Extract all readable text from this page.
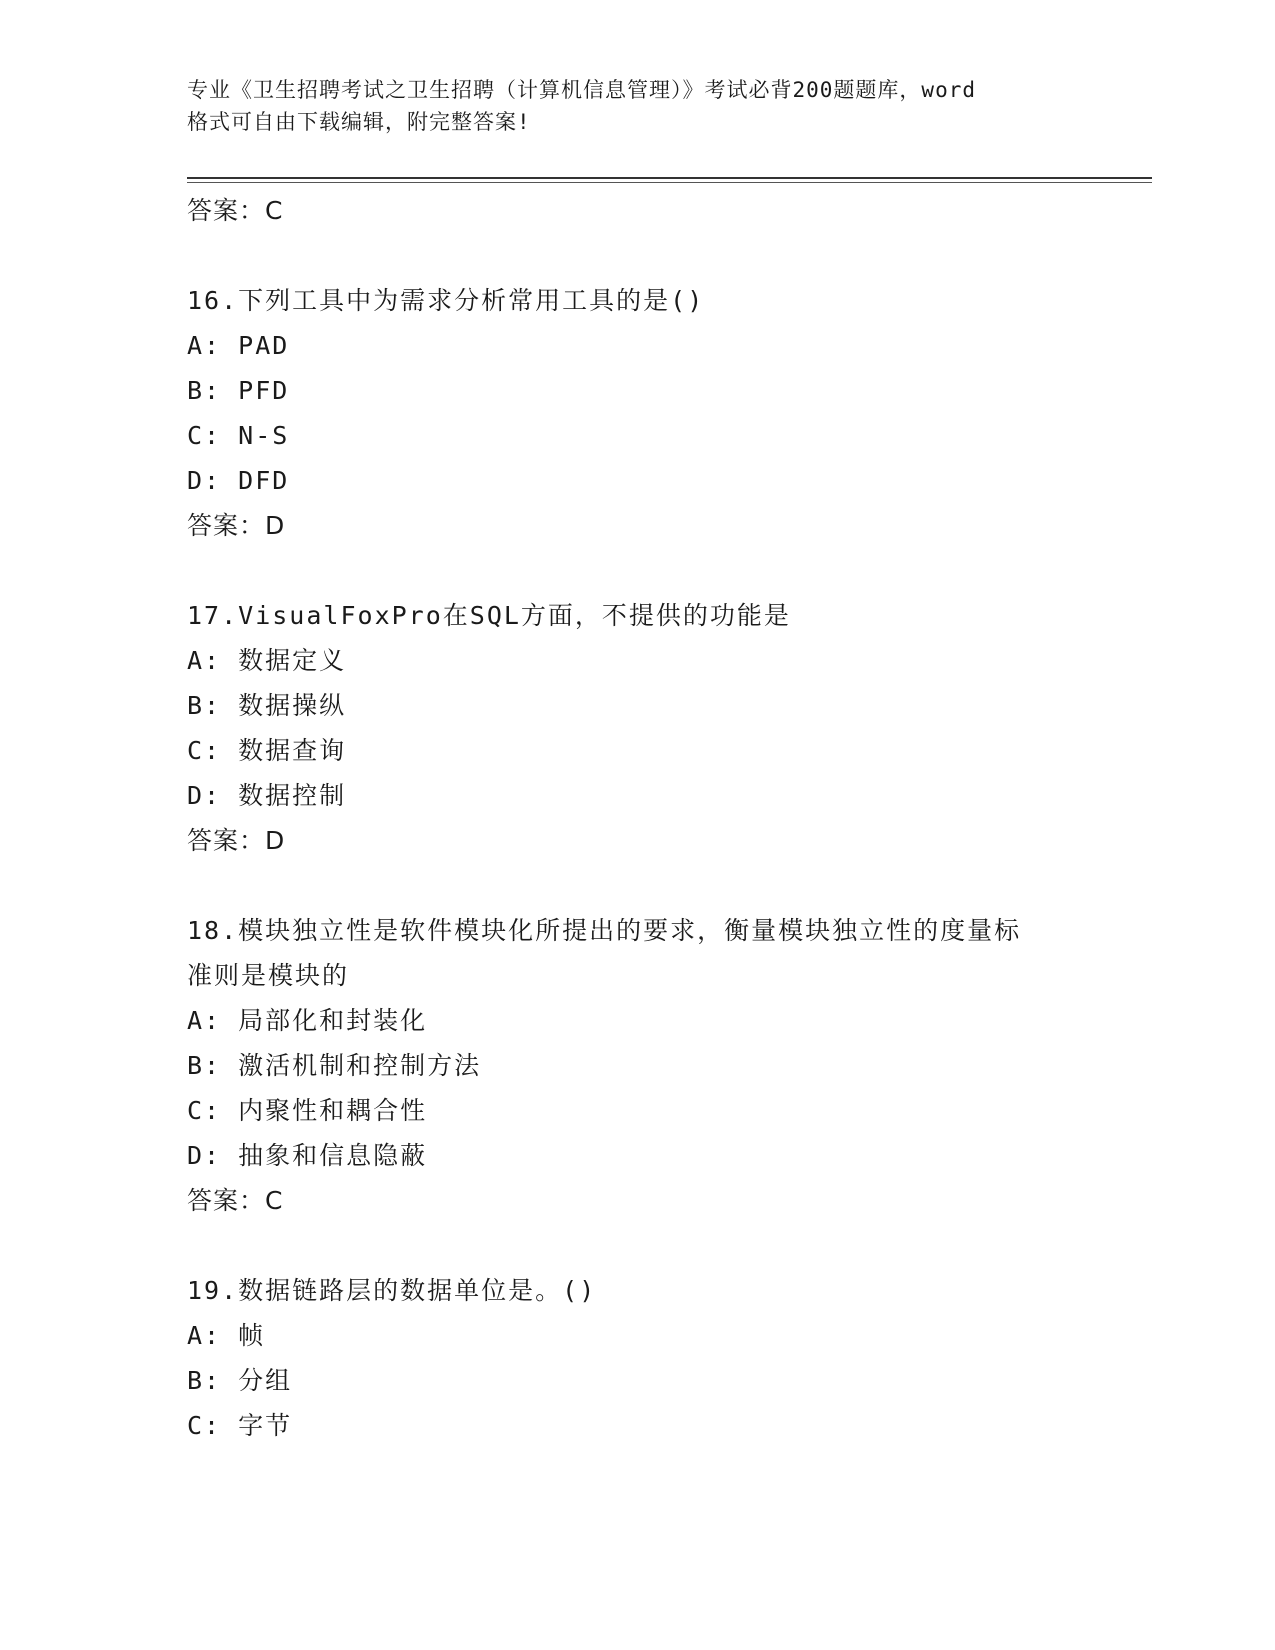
专业《卫生招聘考试之卫生招聘（计算机信息管理）》考试必背200题题库，word
格式可自由下载编辑，附完整答案!
答案：C
16.下列工具中为需求分析常用工具的是()
A: PAD
B: PFD
C: N-S
D: DFD
答案：D
17.VisualFoxPro在SQL方面，不提供的功能是
A: 数据定义
B: 数据操纵
C: 数据查询
D: 数据控制
答案：D
18.模块独立性是软件模块化所提出的要求，衡量模块独立性的度量标
准则是模块的
A: 局部化和封装化
B: 激活机制和控制方法
C: 内聚性和耦合性
D: 抽象和信息隐蔽
答案：C
19.数据链路层的数据单位是。()
A: 帧
B: 分组
C: 字节
